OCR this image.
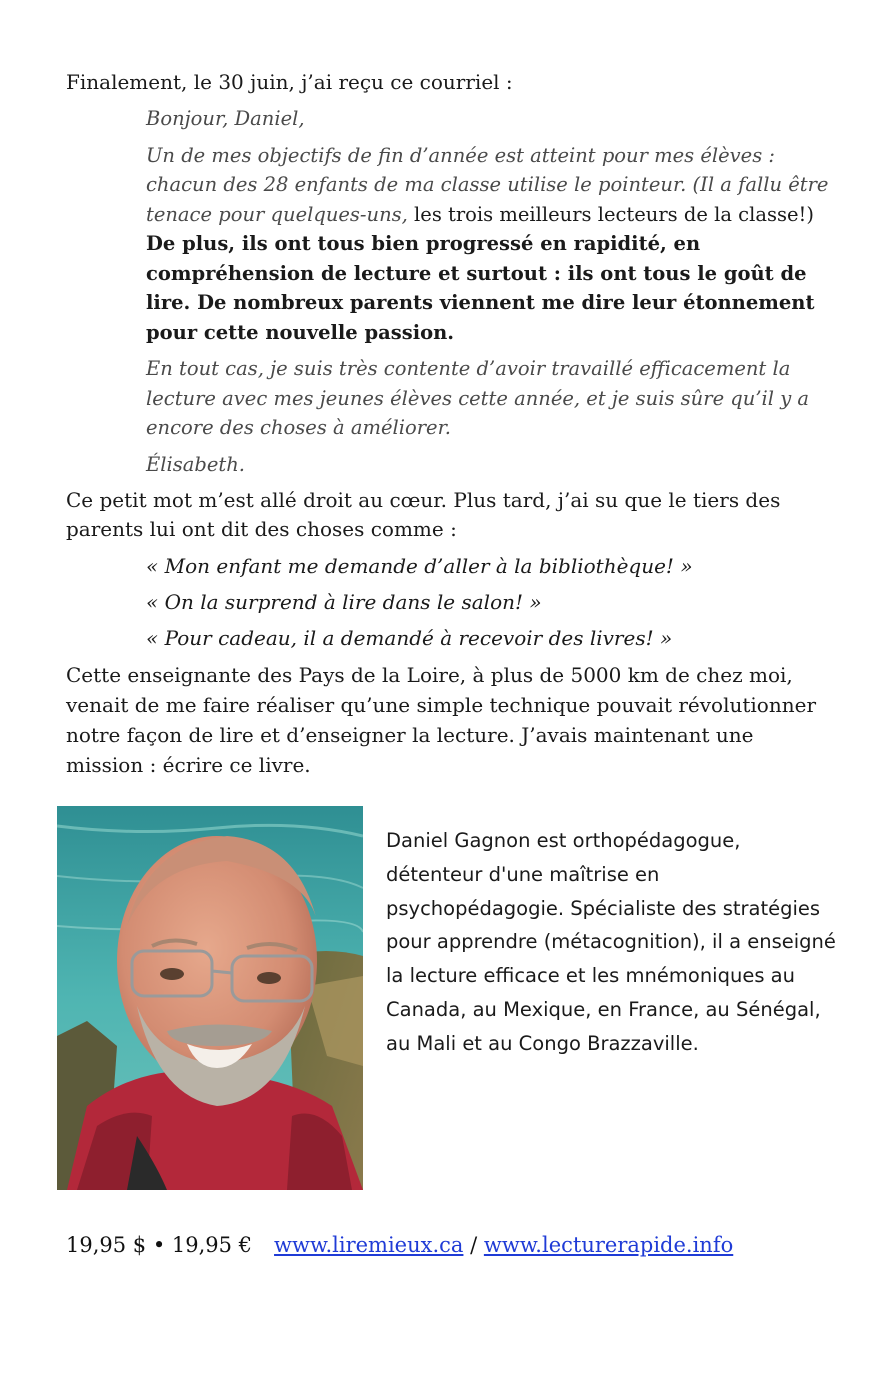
Finalement, le 30 juin, j’ai reçu ce courriel :

Bonjour, Daniel,

Un de mes objectifs de fin d’année est atteint pour mes élèves : chacun des 28 enfants de ma classe utilise le pointeur. (Il a fallu être tenace pour quelques-uns, les trois meilleurs lecteurs de la classe!) De plus, ils ont tous bien progressé en rapidité, en compréhension de lecture et surtout : ils ont tous le goût de lire. De nombreux parents viennent me dire leur étonnement pour cette nouvelle passion.

En tout cas, je suis très contente d’avoir travaillé efficacement la lecture avec mes jeunes élèves cette année, et je suis sûre qu’il y a encore des choses à améliorer.

Élisabeth.

Ce petit mot m’est allé droit au cœur. Plus tard, j’ai su que le tiers des parents lui ont dit des choses comme :

« Mon enfant me demande d’aller à la bibliothèque! »

« On la surprend à lire dans le salon! »

« Pour cadeau, il a demandé à recevoir des livres! »

Cette enseignante des Pays de la Loire, à plus de 5000 km de chez moi, venait de me faire réaliser qu’une simple technique pouvait révolutionner notre façon de lire et d’enseigner la lecture. J’avais maintenant une mission : écrire ce livre.

Daniel Gagnon est orthopédagogue, détenteur d'une maîtrise en psychopédagogie. Spécialiste des stratégies pour apprendre (métacognition), il a enseigné la lecture efficace et les mnémoniques au Canada, au Mexique, en France, au Sénégal, au Mali et au Congo Brazzaville.

19,95 $ • 19,95 € www.liremieux.ca / www.lecturerapide.info
